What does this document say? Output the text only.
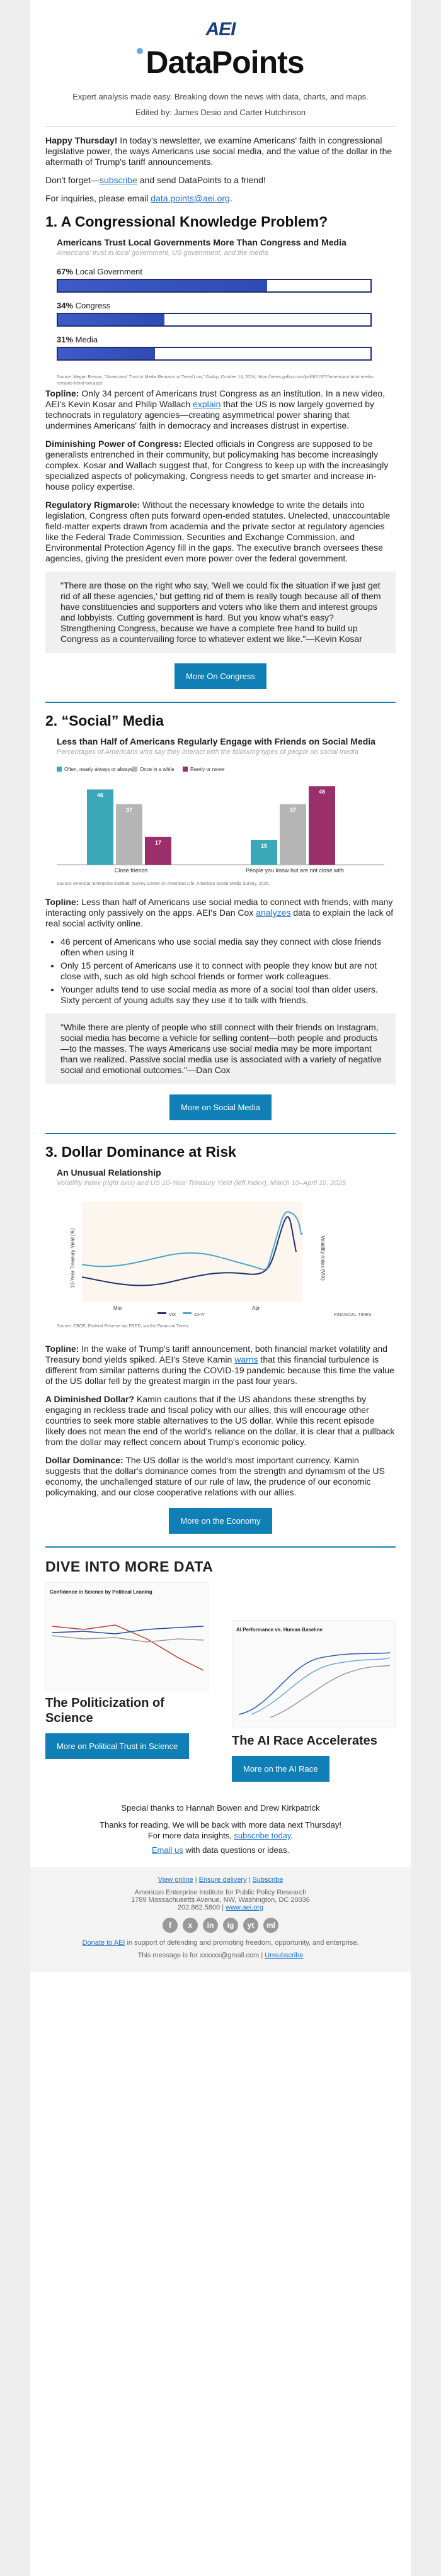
AEI
DataPoints
Expert analysis made easy. Breaking down the news with data, charts, and maps.
Edited by: James Desio and Carter Hutchinson

Happy Thursday! In today's newsletter, we examine Americans' faith in congressional legislative power, the ways Americans use social media, and the value of the dollar in the aftermath of Trump's tariff announcements.

Don't forget—subscribe and send DataPoints to a friend!

For inquiries, please email data.points@aei.org.

1. A Congressional Knowledge Problem?
Americans Trust Local Governments More Than Congress and Media
Americans' trust in local government, US government, and the media
67% Local Government
34% Congress
31% Media
Source: Megan Brenan, "Americans' Trust in Media Remains at Trend Low," Gallup, October 14, 2024, https://news.gallup.com/poll/651977/americans-trust-media-remains-trend-low.aspx.

Topline: Only 34 percent of Americans trust Congress as an institution. In a new video, AEI's Kevin Kosar and Philip Wallach explain that the US is now largely governed by technocrats in regulatory agencies—creating asymmetrical power sharing that undermines Americans' faith in democracy and increases distrust in expertise.

Diminishing Power of Congress: Elected officials in Congress are supposed to be generalists entrenched in their community, but policymaking has become increasingly complex. Kosar and Wallach suggest that, for Congress to keep up with the increasingly specialized aspects of policymaking, Congress needs to get smarter and increase in-house policy expertise.

Regulatory Rigmarole: Without the necessary knowledge to write the details into legislation, Congress often puts forward open-ended statutes. Unelected, unaccountable field-matter experts drawn from academia and the private sector at regulatory agencies like the Federal Trade Commission, Securities and Exchange Commission, and Environmental Protection Agency fill in the gaps. The executive branch oversees these agencies, giving the president even more power over the federal government.

"There are those on the right who say, 'Well we could fix the situation if we just get rid of all these agencies,' but getting rid of them is really tough because all of them have constituencies and supporters and voters who like them and interest groups and lobbyists. Cutting government is hard. But you know what's easy? Strengthening Congress, because we have a complete free hand to build up Congress as a countervailing force to whatever extent we like."—Kevin Kosar
More On Congress
2. “Social” Media
Less than Half of Americans Regularly Engage with Friends on Social Media
Percentages of Americans who say they interact with the following types of people on social media
Often, nearly always or always Once in a while	Rarely or never
46
37
17
15
37
48
Close friends	People you know but are not close with
Source: American Enterprise Institute, Survey Center on American Life, American Social Media Survey, 2025.

Topline: Less than half of Americans use social media to connect with friends, with many interacting only passively on the apps. AEI's Dan Cox analyzes data to explain the lack of real social activity online.

• 46 percent of Americans who use social media say they connect with close friends often when using it
• Only 15 percent of Americans use it to connect with people they know but are not close with, such as old high school friends or former work colleagues.
• Younger adults tend to use social media as more of a social tool than older users. Sixty percent of young adults say they use it to talk with friends.
"While there are plenty of people who still connect with their friends on Instagram, social media has become a vehicle for selling content—both people and products—to the masses. The ways Americans use social media may be more important than we realized. Passive social media use is associated with a variety of negative social and emotional outcomes."—Dan Cox
More on Social Media
3. Dollar Dominance at Risk
An Unusual Relationship
Volatility index (right axis) and US 10-Year Treasury Yield (left index), March 10–April 10, 2025
10-Year Treasury Yield (%)	Volatility Index (VIX)
Mar	Apr
VIX	10-Yr	FINANCIAL TIMES
Source: CBOE, Federal Reserve via FRED, via the Financial Times.

Topline: In the wake of Trump's tariff announcement, both financial market volatility and Treasury bond yields spiked. AEI's Steve Kamin warns that this financial turbulence is different from similar patterns during the COVID-19 pandemic because this time the value of the US dollar fell by the greatest margin in the past four years.

A Diminished Dollar? Kamin cautions that if the US abandons these strengths by engaging in reckless trade and fiscal policy with our allies, this will encourage other countries to seek more stable alternatives to the US dollar. While this recent episode likely does not mean the end of the world's reliance on the dollar, it is clear that a pullback from the dollar may reflect concern about Trump's economic policy.

Dollar Dominance: The US dollar is the world's most important currency. Kamin suggests that the dollar's dominance comes from the strength and dynamism of the US economy, the unchallenged stature of our rule of law, the prudence of our economic policymaking, and our close cooperative relations with our allies.

More on the Economy
DIVE INTO MORE DATA
Confidence in Science by Political Leaning
The Politicization of Science
More on Political Trust in Science
AI Performance vs. Human Baseline
The AI Race Accelerates
More on the AI Race

Special thanks to Hannah Bowen and Drew Kirkpatrick

Thanks for reading. We will be back with more data next Thursday!

For more data insights, subscribe today.

Email us with data questions or ideas.

View online | Ensure delivery | Subscribe
American Enterprise Institute for Public Policy Research
1789 Massachusetts Avenue, NW, Washington, DC 20036
202.862.5800 | www.aei.org
f	x	in	ig	yt	ml
Donate to AEI in support of defending and promoting freedom, opportunity, and enterprise.
This message is for xxxxxx@gmail.com | Unsubscribe
